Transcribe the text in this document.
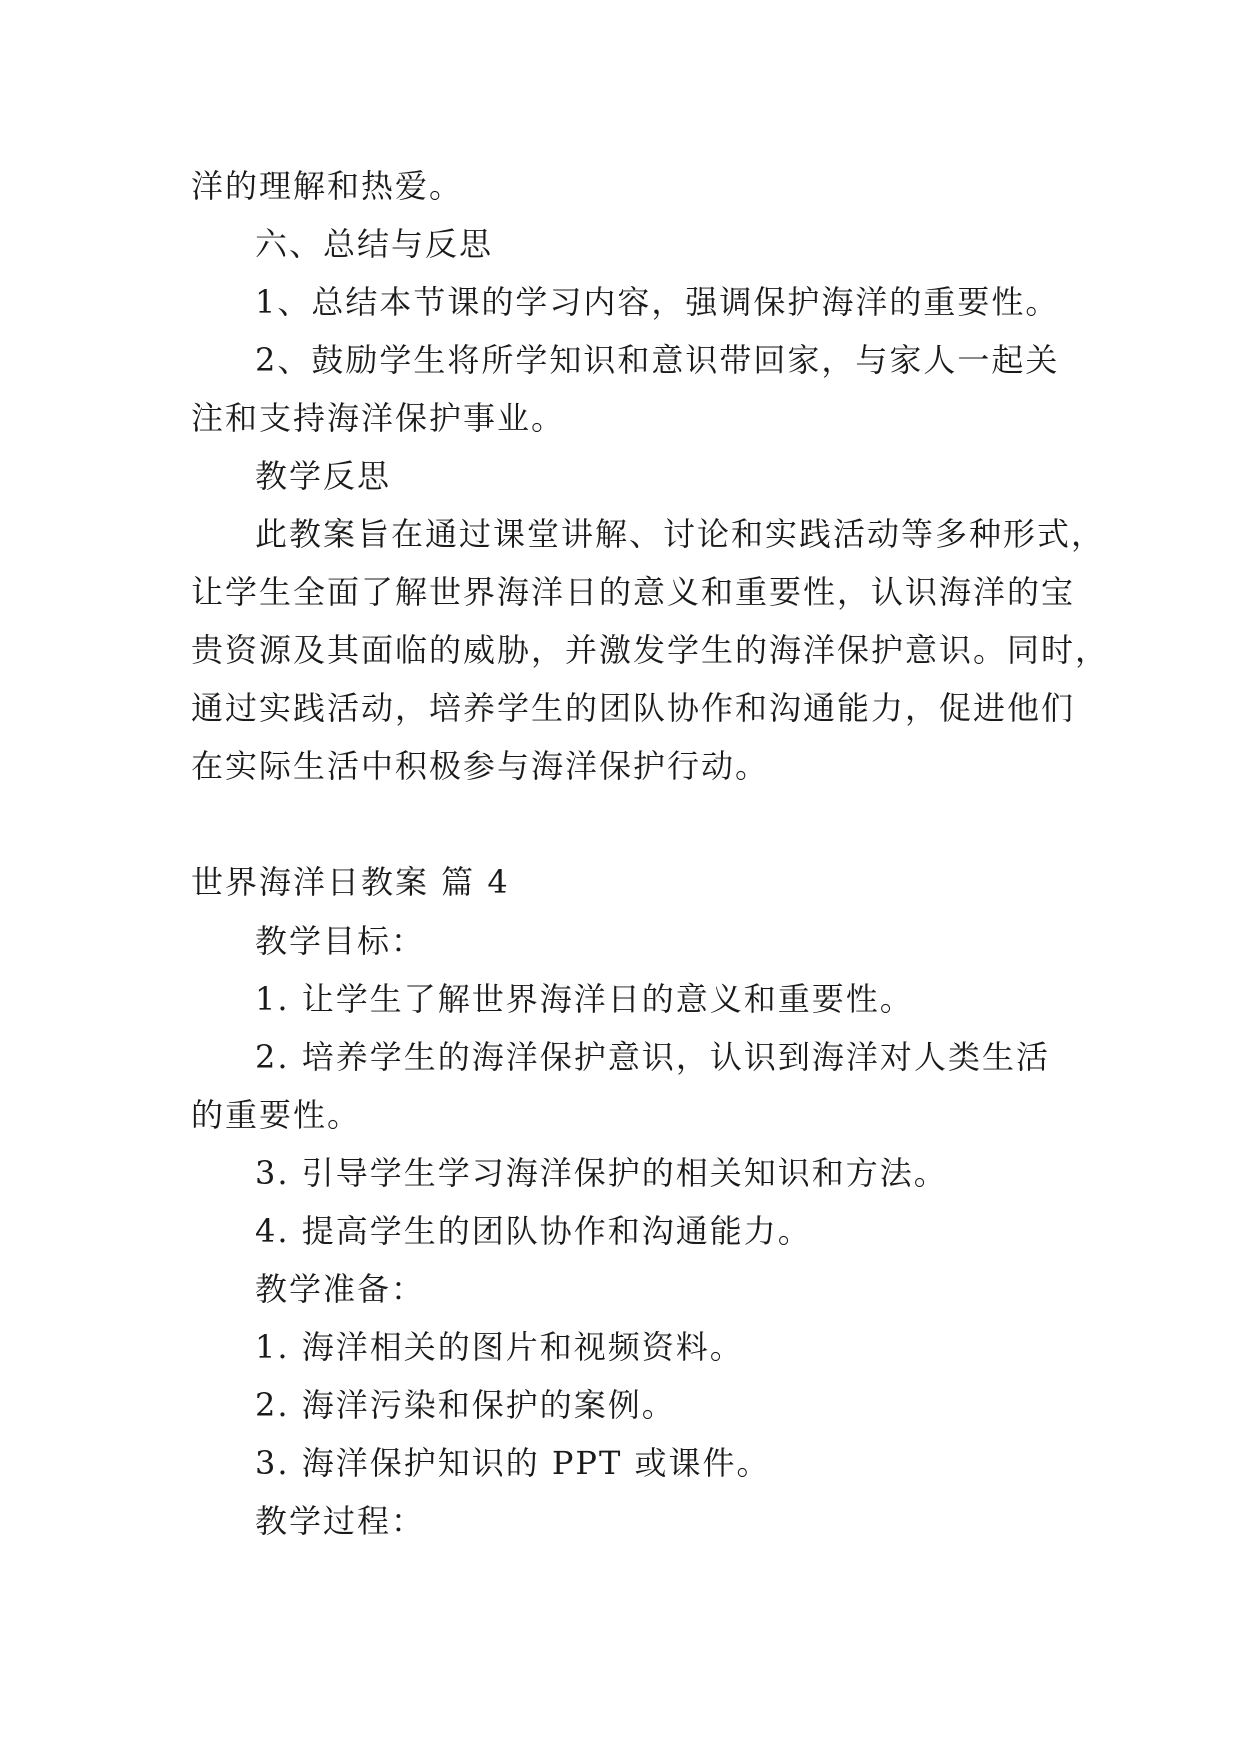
洋的理解和热爱。
六、总结与反思
1、总结本节课的学习内容，强调保护海洋的重要性。
2、鼓励学生将所学知识和意识带回家，与家人一起关
注和支持海洋保护事业。
教学反思
此教案旨在通过课堂讲解、讨论和实践活动等多种形式，
让学生全面了解世界海洋日的意义和重要性，认识海洋的宝
贵资源及其面临的威胁，并激发学生的海洋保护意识。同时，
通过实践活动，培养学生的团队协作和沟通能力，促进他们
在实际生活中积极参与海洋保护行动。
世界海洋日教案 篇 4
教学目标：
1. 让学生了解世界海洋日的意义和重要性。
2. 培养学生的海洋保护意识，认识到海洋对人类生活
的重要性。
3. 引导学生学习海洋保护的相关知识和方法。
4. 提高学生的团队协作和沟通能力。
教学准备：
1. 海洋相关的图片和视频资料。
2. 海洋污染和保护的案例。
3. 海洋保护知识的 PPT 或课件。
教学过程：
